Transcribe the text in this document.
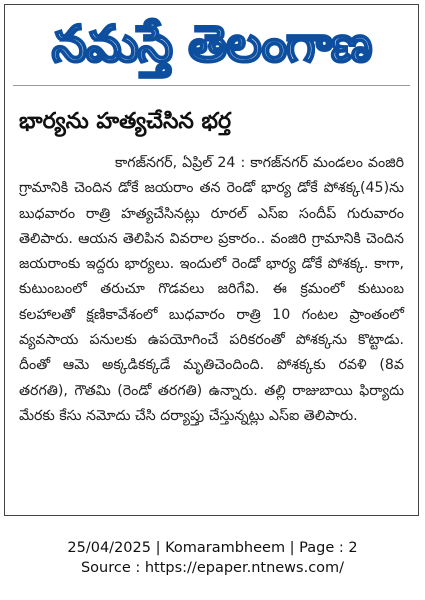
నమస్తే తెలంగాణ
భార్యను హత్యచేసిన భర్త
కాగజ్‌నగర్, ఏప్రిల్ 24 : కాగజ్‌నగర్ మండలం వంజిరి గ్రామానికి చెందిన డోకే జయరాం తన రెండో భార్య డోకే పోశక్క(45)ను బుధవారం రాత్రి హత్యచేసినట్లు రూరల్ ఎస్ఐ సందీప్ గురువారం తెలిపారు. ఆయన తెలిపిన వివరాల ప్రకారం.. వంజిరి గ్రామానికి చెందిన జయరాంకు ఇద్దరు భార్యలు. ఇందులో రెండో భార్య డోకే పోశక్క. కాగా, కుటుంబంలో తరుచూ గొడవలు జరిగేవి. ఈ క్రమంలో కుటుంబ కలహాలతో క్షణికావేశంలో బుధవారం రాత్రి 10 గంటల ప్రాంతంలో వ్యవసాయ పనులకు ఉపయోగించే పరికరంతో పోశక్కను కొట్టాడు. దీంతో ఆమె అక్కడికక్కడే మృతిచెందింది. పోశక్కకు రవళి (8వ తరగతి), గౌతమి (రెండో తరగతి) ఉన్నారు. తల్లి రాజుబాయి ఫిర్యాదు మేరకు కేసు నమోదు చేసి దర్యాప్తు చేస్తున్నట్లు ఎస్ఐ తెలిపారు.
25/04/2025 | Komarambheem | Page : 2
Source : https://epaper.ntnews.com/
